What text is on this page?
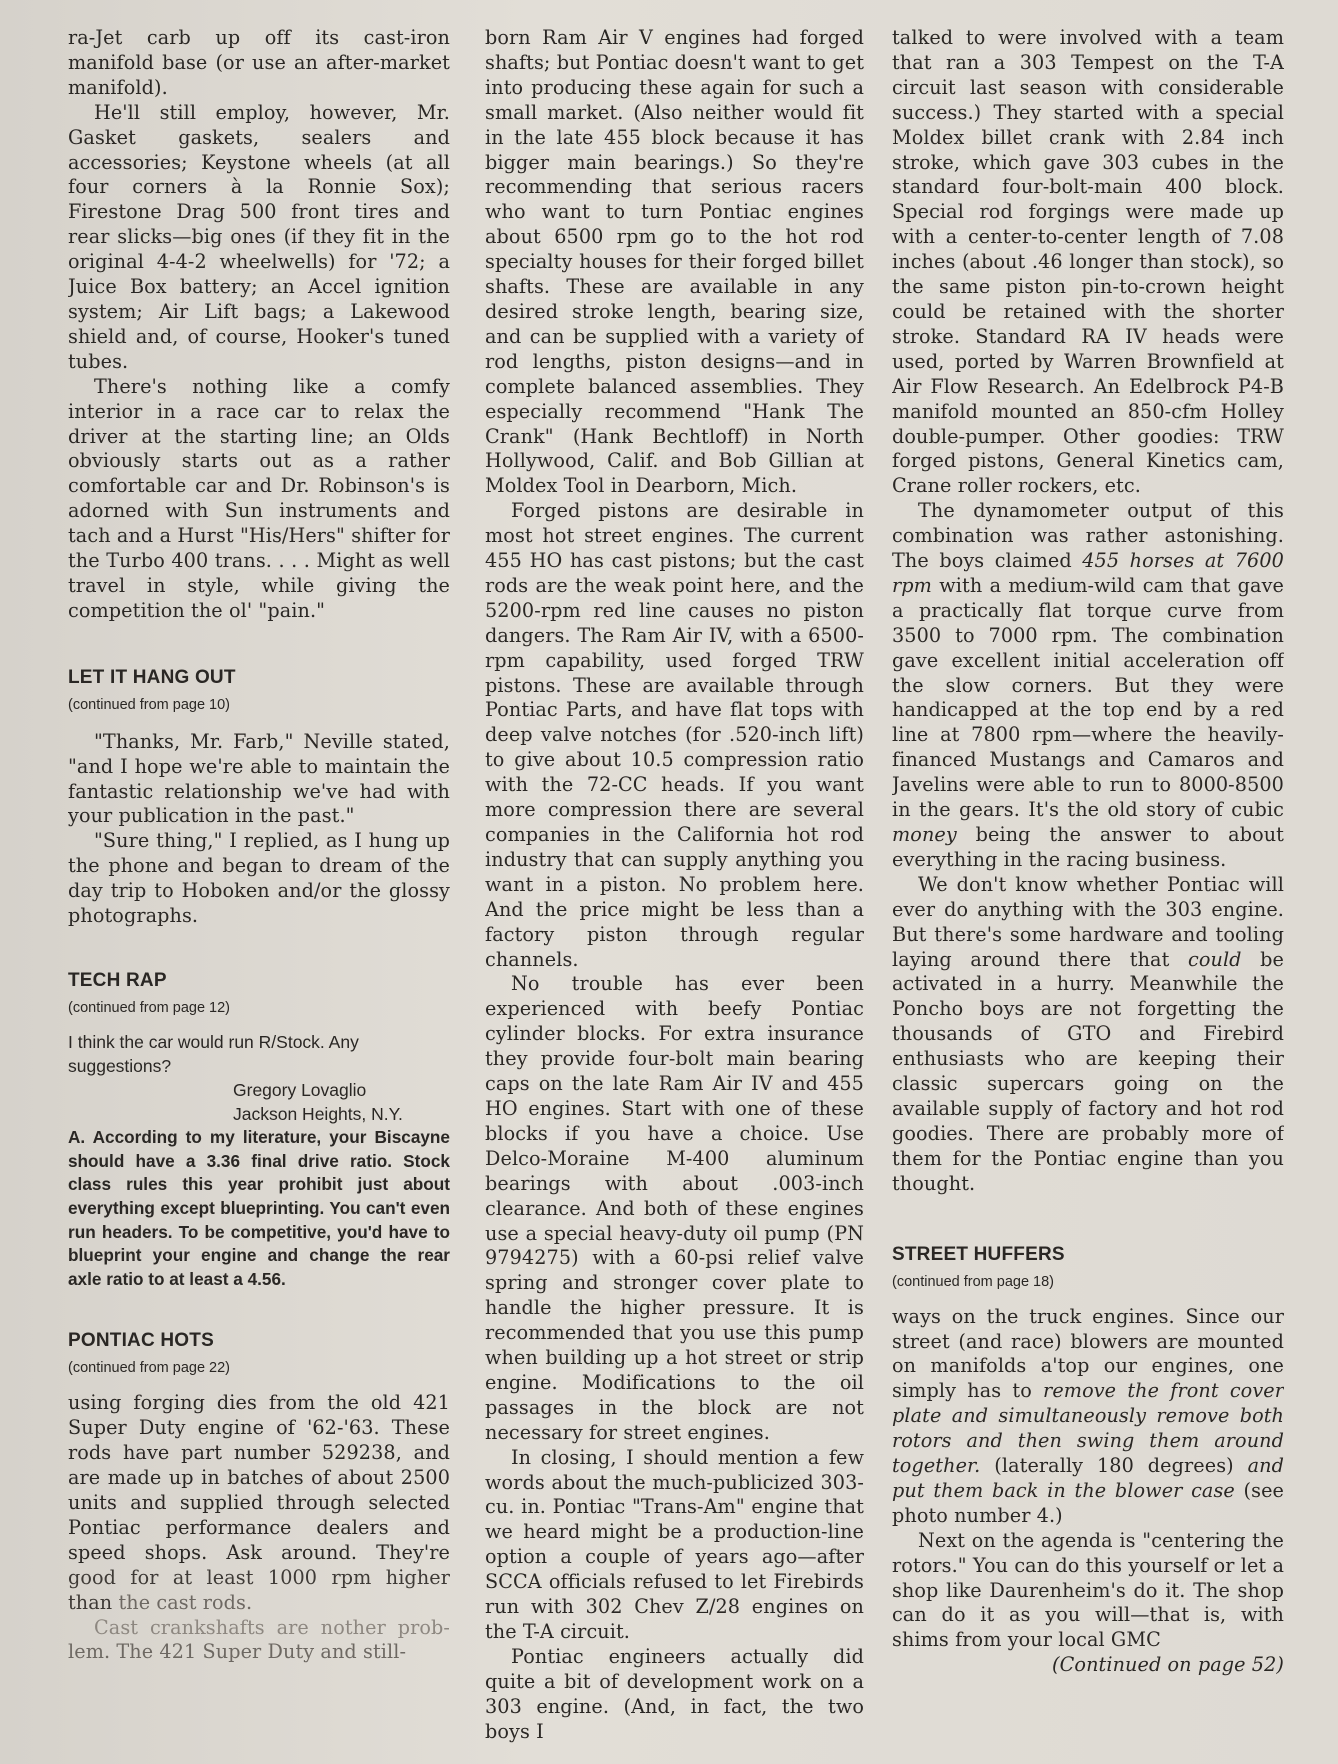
ra-Jet carb up off its cast-iron manifold base (or use an after-market manifold).

He'll still employ, however, Mr. Gasket gaskets, sealers and accessories; Keystone wheels (at all four corners à la Ronnie Sox); Firestone Drag 500 front tires and rear slicks—big ones (if they fit in the original 4-4-2 wheelwells) for '72; a Juice Box battery; an Accel ignition system; Air Lift bags; a Lakewood shield and, of course, Hooker's tuned tubes.

There's nothing like a comfy interior in a race car to relax the driver at the starting line; an Olds obviously starts out as a rather comfortable car and Dr. Robinson's is adorned with Sun instruments and tach and a Hurst "His/Hers" shifter for the Turbo 400 trans. . . . Might as well travel in style, while giving the competition the ol' "pain."

LET IT HANG OUT

(continued from page 10)

"Thanks, Mr. Farb," Neville stated, "and I hope we're able to maintain the fantastic relationship we've had with your publication in the past."

"Sure thing," I replied, as I hung up the phone and began to dream of the day trip to Hoboken and/or the glossy photographs.

TECH RAP

(continued from page 12)

I think the car would run R/Stock. Any suggestions?

Gregory Lovaglio

Jackson Heights, N.Y.

A. According to my literature, your Biscayne should have a 3.36 final drive ratio. Stock class rules this year prohibit just about everything except blueprinting. You can't even run headers. To be competitive, you'd have to blueprint your engine and change the rear axle ratio to at least a 4.56.

PONTIAC HOTS

(continued from page 22)

using forging dies from the old 421 Super Duty engine of '62-'63. These rods have part number 529238, and are made up in batches of about 2500 units and supplied through selected Pontiac performance dealers and speed shops. Ask around. They're good for at least 1000 rpm higher than the cast rods.

Cast crankshafts are nother prob- lem. The 421 Super Duty and still-

born Ram Air V engines had forged shafts; but Pontiac doesn't want to get into producing these again for such a small market. (Also neither would fit in the late 455 block because it has bigger main bearings.) So they're recommending that serious racers who want to turn Pontiac engines about 6500 rpm go to the hot rod specialty houses for their forged billet shafts. These are available in any desired stroke length, bearing size, and can be supplied with a variety of rod lengths, piston designs—and in complete balanced assemblies. They especially recommend "Hank The Crank" (Hank Bechtloff) in North Hollywood, Calif. and Bob Gillian at Moldex Tool in Dearborn, Mich.

Forged pistons are desirable in most hot street engines. The current 455 HO has cast pistons; but the cast rods are the weak point here, and the 5200-rpm red line causes no piston dangers. The Ram Air IV, with a 6500-rpm capability, used forged TRW pistons. These are available through Pontiac Parts, and have flat tops with deep valve notches (for .520-inch lift) to give about 10.5 compression ratio with the 72-CC heads. If you want more compression there are several companies in the California hot rod industry that can supply anything you want in a piston. No problem here. And the price might be less than a factory piston through regular channels.

No trouble has ever been experienced with beefy Pontiac cylinder blocks. For extra insurance they provide four-bolt main bearing caps on the late Ram Air IV and 455 HO engines. Start with one of these blocks if you have a choice. Use Delco-Moraine M-400 aluminum bearings with about .003-inch clearance. And both of these engines use a special heavy-duty oil pump (PN 9794275) with a 60-psi relief valve spring and stronger cover plate to handle the higher pressure. It is recommended that you use this pump when building up a hot street or strip engine. Modifications to the oil passages in the block are not necessary for street engines.

In closing, I should mention a few words about the much-publicized 303-cu. in. Pontiac "Trans-Am" engine that we heard might be a production-line option a couple of years ago—after SCCA officials refused to let Firebirds run with 302 Chev Z/28 engines on the T-A circuit.

Pontiac engineers actually did quite a bit of development work on a 303 engine. (And, in fact, the two boys I

talked to were involved with a team that ran a 303 Tempest on the T-A circuit last season with considerable success.) They started with a special Moldex billet crank with 2.84 inch stroke, which gave 303 cubes in the standard four-bolt-main 400 block. Special rod forgings were made up with a center-to-center length of 7.08 inches (about .46 longer than stock), so the same piston pin-to-crown height could be retained with the shorter stroke. Standard RA IV heads were used, ported by Warren Brownfield at Air Flow Research. An Edelbrock P4-B manifold mounted an 850-cfm Holley double-pumper. Other goodies: TRW forged pistons, General Kinetics cam, Crane roller rockers, etc.

The dynamometer output of this combination was rather astonishing. The boys claimed 455 horses at 7600 rpm with a medium-wild cam that gave a practically flat torque curve from 3500 to 7000 rpm. The combination gave excellent initial acceleration off the slow corners. But they were handicapped at the top end by a red line at 7800 rpm—where the heavily-financed Mustangs and Camaros and Javelins were able to run to 8000-8500 in the gears. It's the old story of cubic money being the answer to about everything in the racing business.

We don't know whether Pontiac will ever do anything with the 303 engine. But there's some hardware and tooling laying around there that could be activated in a hurry. Meanwhile the Poncho boys are not forgetting the thousands of GTO and Firebird enthusiasts who are keeping their classic supercars going on the available supply of factory and hot rod goodies. There are probably more of them for the Pontiac engine than you thought.

STREET HUFFERS

(continued from page 18)

ways on the truck engines. Since our street (and race) blowers are mounted on manifolds a'top our engines, one simply has to remove the front cover plate and simultaneously remove both rotors and then swing them around together. (laterally 180 degrees) and put them back in the blower case (see photo number 4.)

Next on the agenda is "centering the rotors." You can do this yourself or let a shop like Daurenheim's do it. The shop can do it as you will—that is, with shims from your local GMC

(Continued on page 52)
